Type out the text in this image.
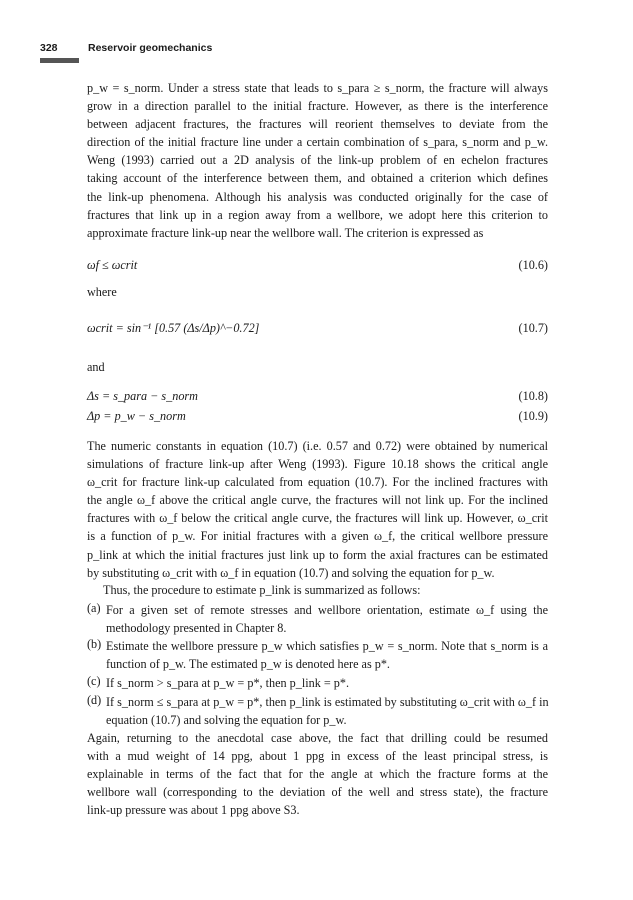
328	Reservoir geomechanics
p_w = s_norm. Under a stress state that leads to s_para ≥ s_norm, the fracture will always
grow in a direction parallel to the initial fracture. However, as there is the interference
between adjacent fractures, the fractures will reorient themselves to deviate from the
direction of the initial fracture line under a certain combination of s_para, s_norm and p_w.
Weng (1993) carried out a 2D analysis of the link-up problem of en echelon fractures
taking account of the interference between them, and obtained a criterion which defines
the link-up phenomena. Although his analysis was conducted originally for the case of
fractures that link up in a region away from a wellbore, we adopt here this criterion to
approximate fracture link-up near the wellbore wall. The criterion is expressed as
ωf ≤ ωcrit	(10.6)
where
ωcrit = sin⁻¹ [0.57 (Δs/Δp)^−0.72]	(10.7)
and
Δs = s_para − s_norm	(10.8)
Δp = p_w − s_norm	(10.9)
The numeric constants in equation (10.7) (i.e. 0.57 and 0.72) were obtained by numerical
simulations of fracture link-up after Weng (1993). Figure 10.18 shows the critical angle
ω_crit for fracture link-up calculated from equation (10.7). For the inclined fractures with
the angle ω_f above the critical angle curve, the fractures will not link up. For the inclined
fractures with ω_f below the critical angle curve, the fractures will link up. However, ω_crit
is a function of p_w. For initial fractures with a given ω_f, the critical wellbore pressure
p_link at which the initial fractures just link up to form the axial fractures can be estimated
by substituting ω_crit with ω_f in equation (10.7) and solving the equation for p_w.
Thus, the procedure to estimate p_link is summarized as follows:
(a) For a given set of remote stresses and wellbore orientation, estimate ω_f using the
methodology presented in Chapter 8.
(b) Estimate the wellbore pressure p_w which satisfies p_w = s_norm. Note that s_norm is a
function of p_w. The estimated p_w is denoted here as p*.
(c) If s_norm > s_para at p_w = p*, then p_link = p*.
(d) If s_norm ≤ s_para at p_w = p*, then p_link is estimated by substituting ω_crit with ω_f in
equation (10.7) and solving the equation for p_w.
Again, returning to the anecdotal case above, the fact that drilling could be resumed
with a mud weight of 14 ppg, about 1 ppg in excess of the least principal stress, is
explainable in terms of the fact that for the angle at which the fracture forms at the
wellbore wall (corresponding to the deviation of the well and stress state), the fracture
link-up pressure was about 1 ppg above S3.
